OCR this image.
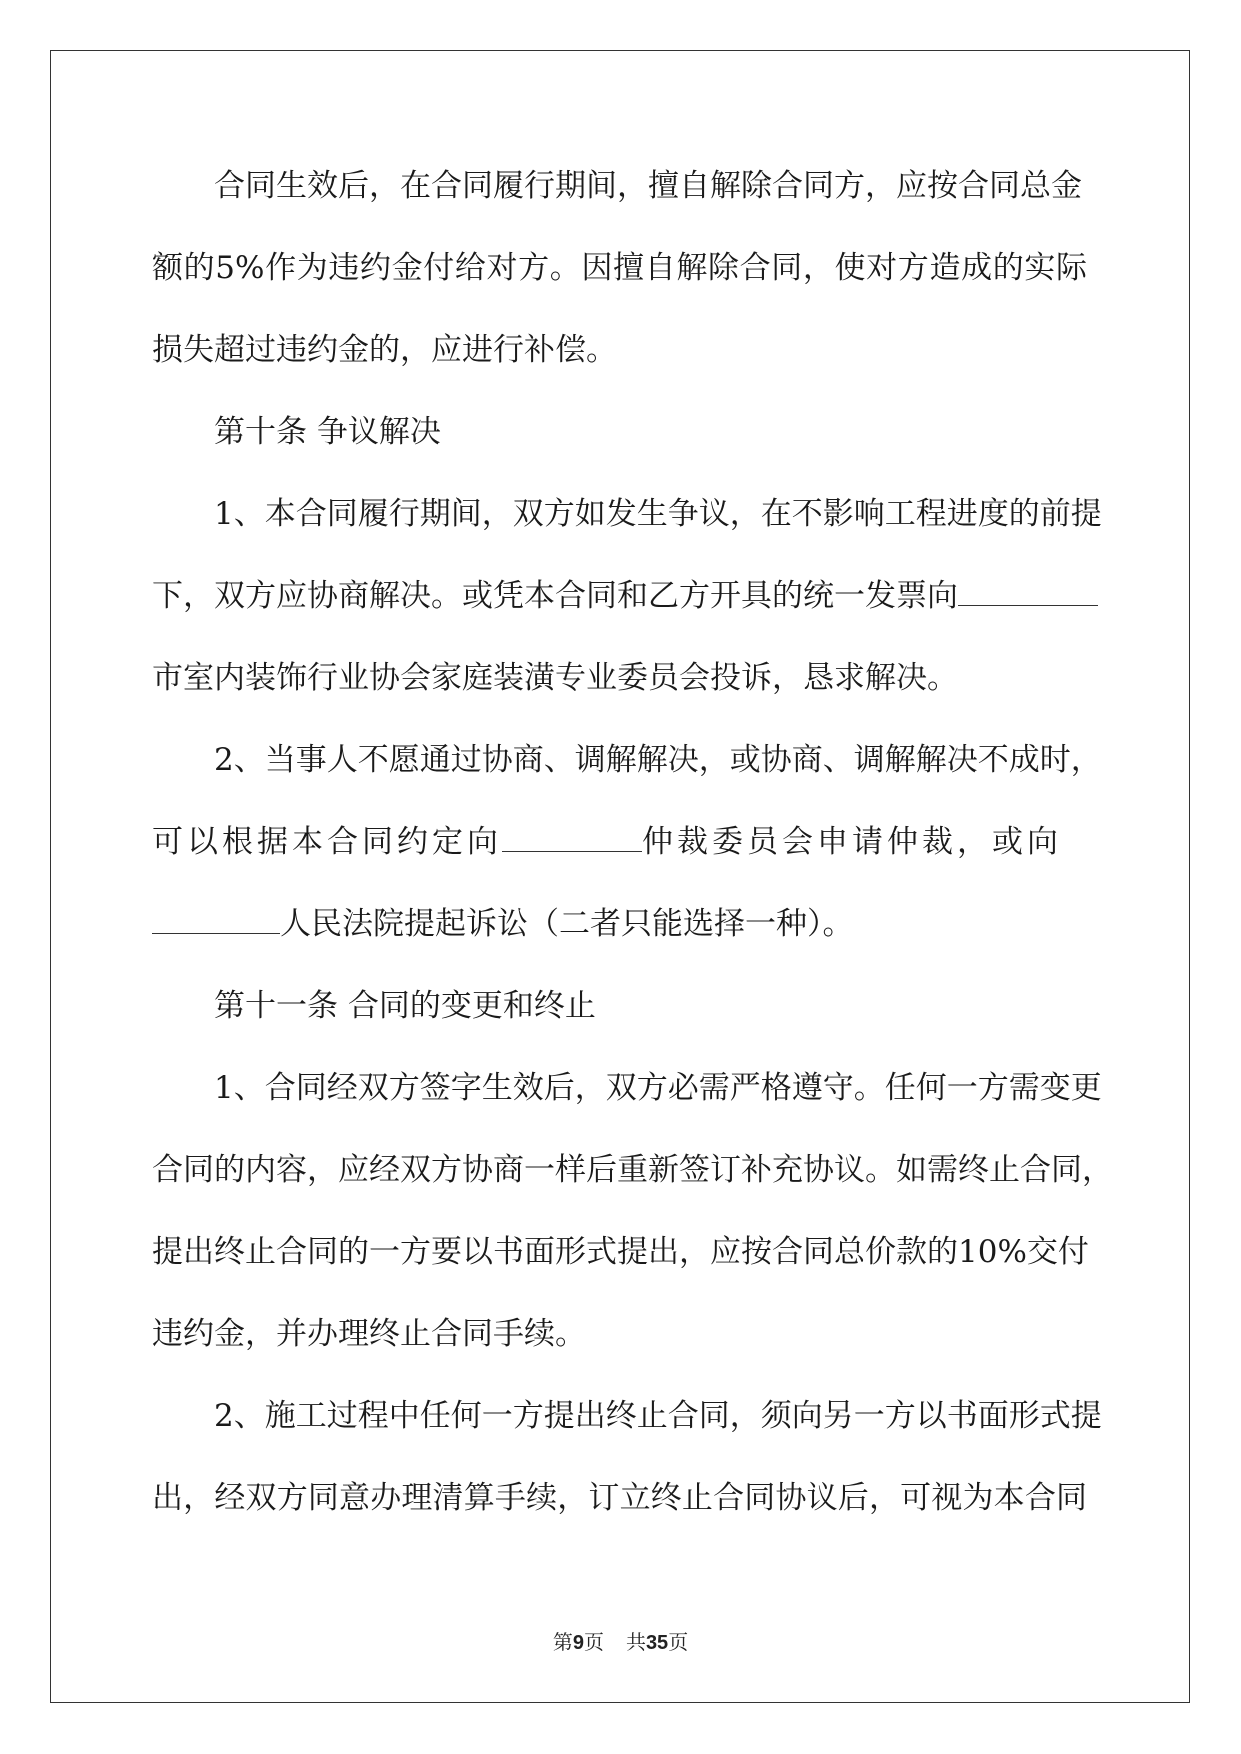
合同生效后，在合同履行期间，擅自解除合同方，应按合同总金
额的5%作为违约金付给对方。因擅自解除合同，使对方造成的实际
损失超过违约金的，应进行补偿。
第十条 争议解决
1、本合同履行期间，双方如发生争议，在不影响工程进度的前提
下，双方应协商解决。或凭本合同和乙方开具的统一发票向
市室内装饰行业协会家庭装潢专业委员会投诉，恳求解决。
2、当事人不愿通过协商、调解解决，或协商、调解解决不成时，
可以根据本合同约定向	仲裁委员会申请仲裁，或向
人民法院提起诉讼（二者只能选择一种）。
第十一条 合同的变更和终止
1、合同经双方签字生效后，双方必需严格遵守。任何一方需变更
合同的内容，应经双方协商一样后重新签订补充协议。如需终止合同，
提出终止合同的一方要以书面形式提出，应按合同总价款的10%交付
违约金，并办理终止合同手续。
2、施工过程中任何一方提出终止合同，须向另一方以书面形式提
出，经双方同意办理清算手续，订立终止合同协议后，可视为本合同
第9页 共35页
